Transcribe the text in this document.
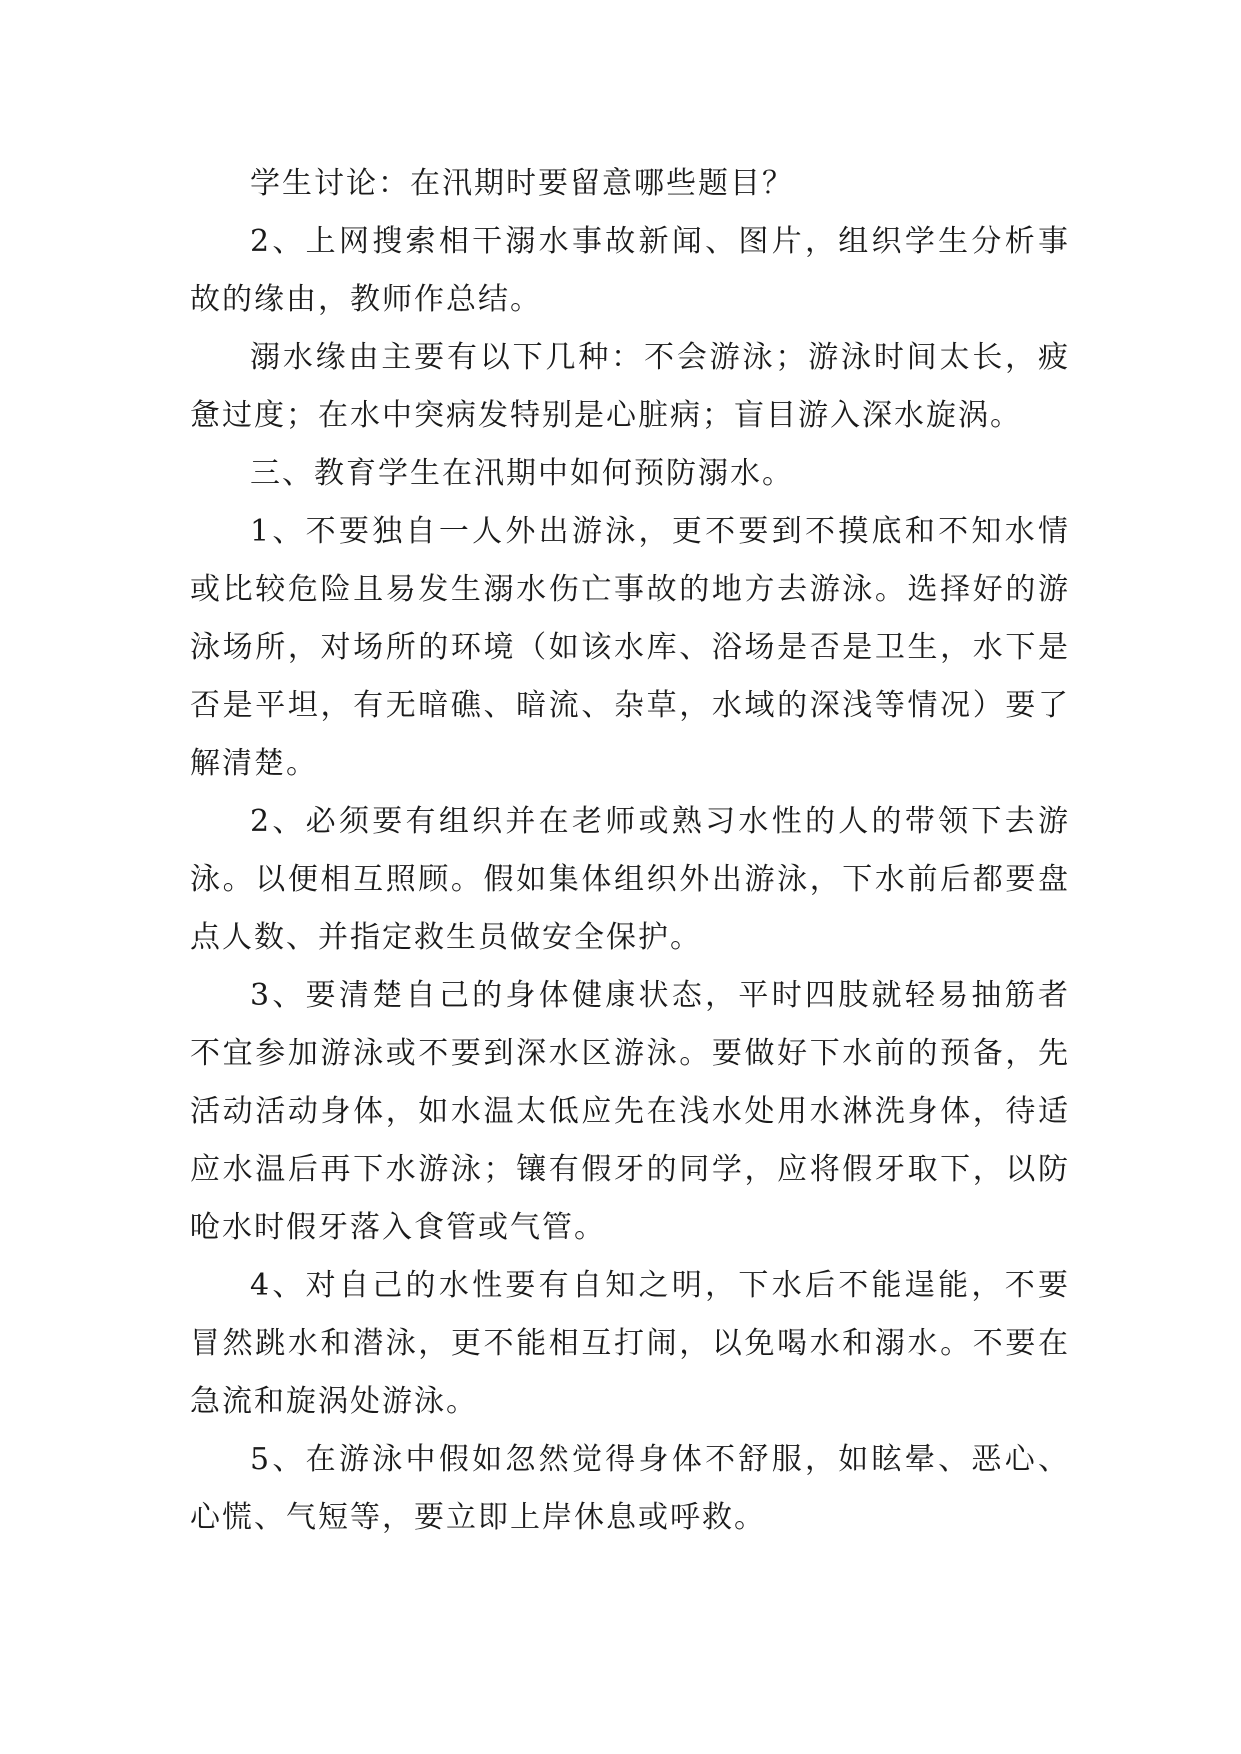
学生讨论：在汛期时要留意哪些题目？

2、上网搜索相干溺水事故新闻、图片，组织学生分析事故的缘由，教师作总结。

溺水缘由主要有以下几种：不会游泳；游泳时间太长，疲惫过度；在水中突病发特别是心脏病；盲目游入深水旋涡。

三、教育学生在汛期中如何预防溺水。

1、不要独自一人外出游泳，更不要到不摸底和不知水情或比较危险且易发生溺水伤亡事故的地方去游泳。选择好的游泳场所，对场所的环境（如该水库、浴场是否是卫生，水下是否是平坦，有无暗礁、暗流、杂草，水域的深浅等情况）要了解清楚。

2、必须要有组织并在老师或熟习水性的人的带领下去游泳。以便相互照顾。假如集体组织外出游泳，下水前后都要盘点人数、并指定救生员做安全保护。

3、要清楚自己的身体健康状态，平时四肢就轻易抽筋者不宜参加游泳或不要到深水区游泳。要做好下水前的预备，先活动活动身体，如水温太低应先在浅水处用水淋洗身体，待适应水温后再下水游泳；镶有假牙的同学，应将假牙取下，以防呛水时假牙落入食管或气管。

4、对自己的水性要有自知之明，下水后不能逞能，不要冒然跳水和潜泳，更不能相互打闹，以免喝水和溺水。不要在急流和旋涡处游泳。

5、在游泳中假如忽然觉得身体不舒服，如眩晕、恶心、心慌、气短等，要立即上岸休息或呼救。
